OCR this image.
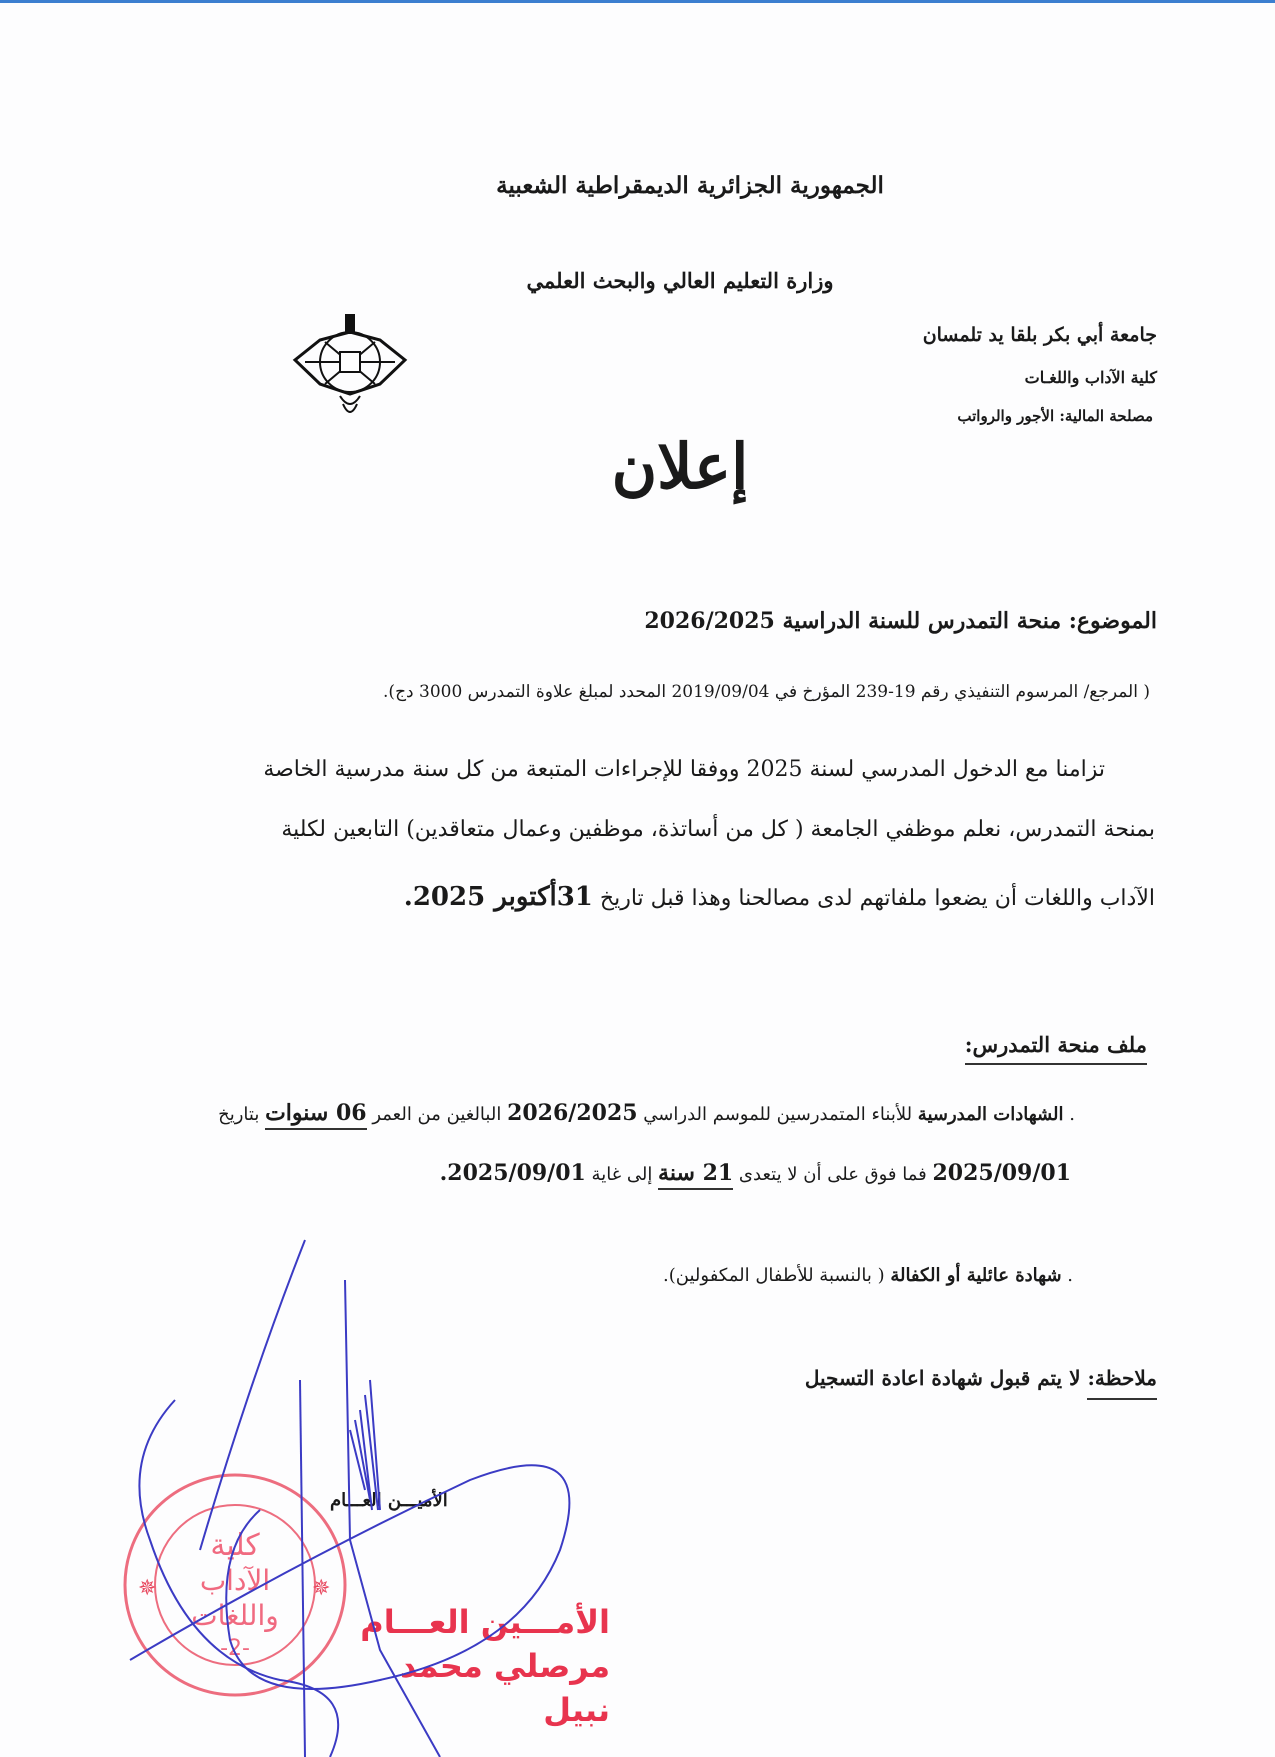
الجمهورية الجزائرية الديمقراطية الشعبية
وزارة التعليم العالي والبحث العلمي
جامعة أبي بكر بلقا يد تلمسان
كلية الآداب واللغـات
مصلحة المالية: الأجور والرواتب
إعلان
الموضوع: منحة التمدرس للسنة الدراسية 2026/2025
( المرجع/ المرسوم التنفيذي رقم 19-239 المؤرخ في 2019/09/04 المحدد لمبلغ علاوة التمدرس 3000 دج).
تزامنا مع الدخول المدرسي لسنة 2025 ووفقا للإجراءات المتبعة من كل سنة مدرسية الخاصة
بمنحة التمدرس، نعلم موظفي الجامعة ( كل من أساتذة، موظفين وعمال متعاقدين) التابعين لكلية
الآداب واللغات أن يضعوا ملفاتهم لدى مصالحنا وهذا قبل تاريخ 31أكتوبر 2025.
ملف منحة التمدرس:
. الشهادات المدرسية للأبناء المتمدرسين للموسم الدراسي 2026/2025 البالغين من العمر 06 سنوات بتاريخ
2025/09/01 فما فوق على أن لا يتعدى 21 سنة إلى غاية 2025/09/01.
. شهادة عائلية أو الكفالة ( بالنسبة للأطفال المكفولين).
ملاحظة: لا يتم قبول شهادة اعادة التسجيل
كلية
الآداب
واللغات
-2-
✵	✵
الأميـــن العـــام
الأمـــين العـــام
مرصلي محمد نبيل
